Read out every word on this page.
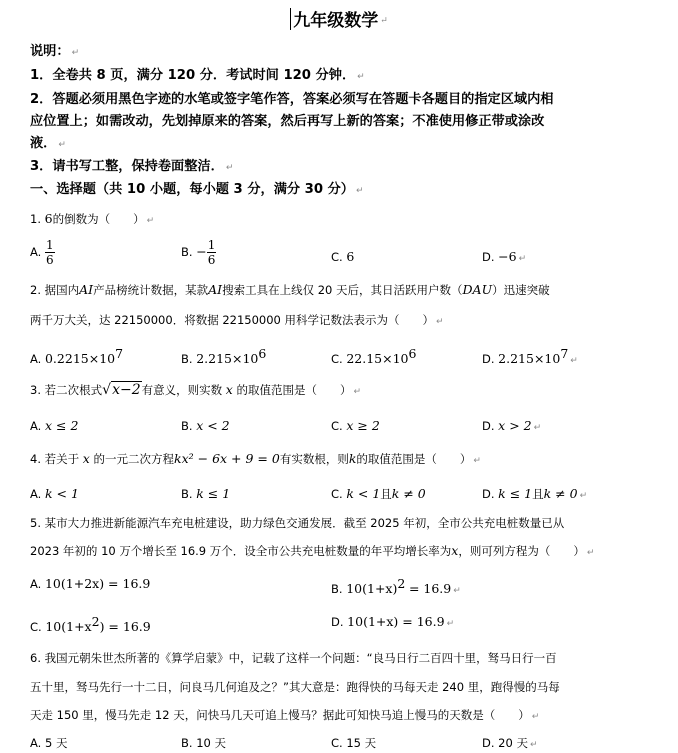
九年级数学 ↵
说明： ↵
1．全卷共 8 页，满分 120 分．考试时间 120 分钟． ↵
2．答题必须用黑色字迹的水笔或签字笔作答，答案必须写在答题卡各题目的指定区域内相
应位置上；如需改动，先划掉原来的答案，然后再写上新的答案；不准使用修正带或涂改
液． ↵
3．请书写工整，保持卷面整洁． ↵
一、选择题（共 10 小题，每小题 3 分，满分 30 分） ↵
1. 6的倒数为（　　） ↵
A. $\frac{1}{6}$	B. − $\frac{1}{6}$	C. 6	D. −6 ↵
2. 据国内AI产品榜统计数据，某款AI搜索工具在上线仅 20 天后，其日活跃用户数（DAU）迅速突破
两千万大关，达 22150000．将数据 22150000 用科学记数法表示为（　　） ↵
A. $0.2215\times 10^7$	B. $2.215\times 10^6$	C. $22.15\times 10^6$	D. $2.215\times 10^7$ ↵
3. 若二次根式√x−2有意义，则实数 x 的取值范围是（　　） ↵
A. x ≤ 2	B. x < 2	C. x ≥ 2	D. x > 2 ↵
4. 若关于 x 的一元二次方程kx² − 6x + 9 = 0有实数根，则k的取值范围是（　　） ↵
A. k < 1	B. k ≤ 1	C. k < 1且k ≠ 0	D. k ≤ 1且k ≠ 0 ↵
5. 某市大力推进新能源汽车充电桩建设，助力绿色交通发展．截至 2025 年初，全市公共充电桩数量已从
2023 年初的 10 万个增长至 16.9 万个．设全市公共充电桩数量的年平均增长率为x，则可列方程为（　　） ↵
A. 10(1+2x) = 16.9	B. $10(1+x)^2 = 16.9$ ↵
C. $10(1+x^2) = 16.9$	D. 10(1+x) = 16.9 ↵
6. 我国元朝朱世杰所著的《算学启蒙》中，记载了这样一个问题：“良马日行二百四十里，驽马日行一百
五十里，驽马先行一十二日，问良马几何追及之？”其大意是：跑得快的马每天走 240 里，跑得慢的马每
天走 150 里，慢马先走 12 天，问快马几天可追上慢马？据此可知快马追上慢马的天数是（　　） ↵
A. 5 天	B. 10 天	C. 15 天	D. 20 天 ↵
